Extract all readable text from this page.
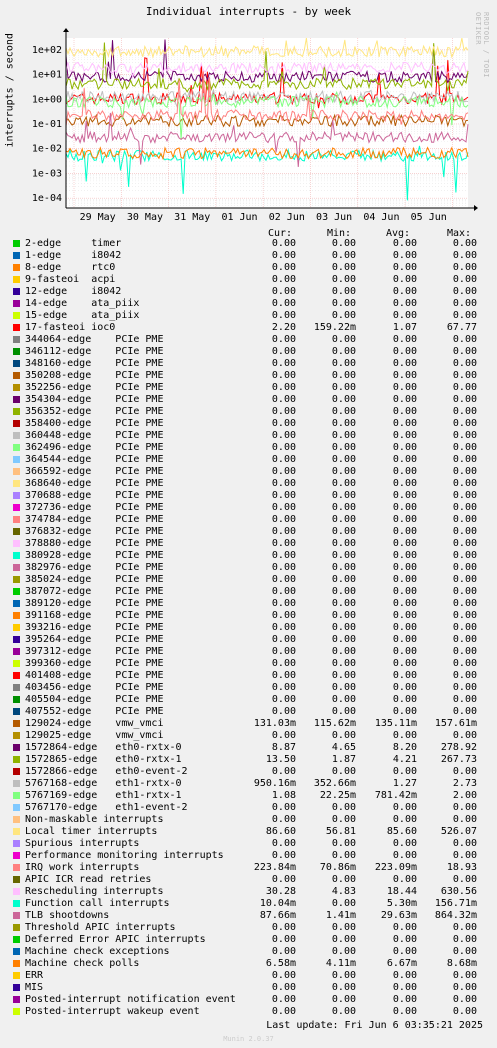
Individual interrupts - by week
interrupts / second	RRDTOOL / TOBI OETIKER
1e+02
1e+01
1e+00
1e-01
1e-02
1e-03
1e-04
29 May 30 May 31 May 01 Jun 02 Jun 03 Jun 04 Jun 05 Jun
Cur:	Min:	Avg:	Max:
2-edge     timer	0.00	0.00	0.00	0.00
1-edge     i8042	0.00	0.00	0.00	0.00
8-edge     rtc0	0.00	0.00	0.00	0.00
9-fasteoi  acpi	0.00	0.00	0.00	0.00
12-edge    i8042	0.00	0.00	0.00	0.00
14-edge    ata_piix	0.00	0.00	0.00	0.00
15-edge    ata_piix	0.00	0.00	0.00	0.00
17-fasteoi ioc0	2.20	159.22m	1.07	67.77
344064-edge    PCIe PME	0.00	0.00	0.00	0.00
346112-edge    PCIe PME	0.00	0.00	0.00	0.00
348160-edge    PCIe PME	0.00	0.00	0.00	0.00
350208-edge    PCIe PME	0.00	0.00	0.00	0.00
352256-edge    PCIe PME	0.00	0.00	0.00	0.00
354304-edge    PCIe PME	0.00	0.00	0.00	0.00
356352-edge    PCIe PME	0.00	0.00	0.00	0.00
358400-edge    PCIe PME	0.00	0.00	0.00	0.00
360448-edge    PCIe PME	0.00	0.00	0.00	0.00
362496-edge    PCIe PME	0.00	0.00	0.00	0.00
364544-edge    PCIe PME	0.00	0.00	0.00	0.00
366592-edge    PCIe PME	0.00	0.00	0.00	0.00
368640-edge    PCIe PME	0.00	0.00	0.00	0.00
370688-edge    PCIe PME	0.00	0.00	0.00	0.00
372736-edge    PCIe PME	0.00	0.00	0.00	0.00
374784-edge    PCIe PME	0.00	0.00	0.00	0.00
376832-edge    PCIe PME	0.00	0.00	0.00	0.00
378880-edge    PCIe PME	0.00	0.00	0.00	0.00
380928-edge    PCIe PME	0.00	0.00	0.00	0.00
382976-edge    PCIe PME	0.00	0.00	0.00	0.00
385024-edge    PCIe PME	0.00	0.00	0.00	0.00
387072-edge    PCIe PME	0.00	0.00	0.00	0.00
389120-edge    PCIe PME	0.00	0.00	0.00	0.00
391168-edge    PCIe PME	0.00	0.00	0.00	0.00
393216-edge    PCIe PME	0.00	0.00	0.00	0.00
395264-edge    PCIe PME	0.00	0.00	0.00	0.00
397312-edge    PCIe PME	0.00	0.00	0.00	0.00
399360-edge    PCIe PME	0.00	0.00	0.00	0.00
401408-edge    PCIe PME	0.00	0.00	0.00	0.00
403456-edge    PCIe PME	0.00	0.00	0.00	0.00
405504-edge    PCIe PME	0.00	0.00	0.00	0.00
407552-edge    PCIe PME	0.00	0.00	0.00	0.00
129024-edge    vmw_vmci	131.03m	115.62m	135.11m	157.61m
129025-edge    vmw_vmci	0.00	0.00	0.00	0.00
1572864-edge   eth0-rxtx-0	8.87	4.65	8.20	278.92
1572865-edge   eth0-rxtx-1	13.50	1.87	4.21	267.73
1572866-edge   eth0-event-2	0.00	0.00	0.00	0.00
5767168-edge   eth1-rxtx-0	950.16m	352.66m	1.27	2.73
5767169-edge   eth1-rxtx-1	1.08	22.25m	781.42m	2.00
5767170-edge   eth1-event-2	0.00	0.00	0.00	0.00
Non-maskable interrupts	0.00	0.00	0.00	0.00
Local timer interrupts	86.60	56.81	85.60	526.07
Spurious interrupts	0.00	0.00	0.00	0.00
Performance monitoring interrupts	0.00	0.00	0.00	0.00
IRQ work interrupts	223.84m	70.86m	223.09m	18.93
APIC ICR read retries	0.00	0.00	0.00	0.00
Rescheduling interrupts	30.28	4.83	18.44	630.56
Function call interrupts	10.04m	0.00	5.30m	156.71m
TLB shootdowns	87.66m	1.41m	29.63m	864.32m
Threshold APIC interrupts	0.00	0.00	0.00	0.00
Deferred Error APIC interrupts	0.00	0.00	0.00	0.00
Machine check exceptions	0.00	0.00	0.00	0.00
Machine check polls	6.58m	4.11m	6.67m	8.68m
ERR	0.00	0.00	0.00	0.00
MIS	0.00	0.00	0.00	0.00
Posted-interrupt notification event	0.00	0.00	0.00	0.00
Posted-interrupt wakeup event	0.00	0.00	0.00	0.00
Last update: Fri Jun 6 03:35:21 2025
Munin 2.0.37
